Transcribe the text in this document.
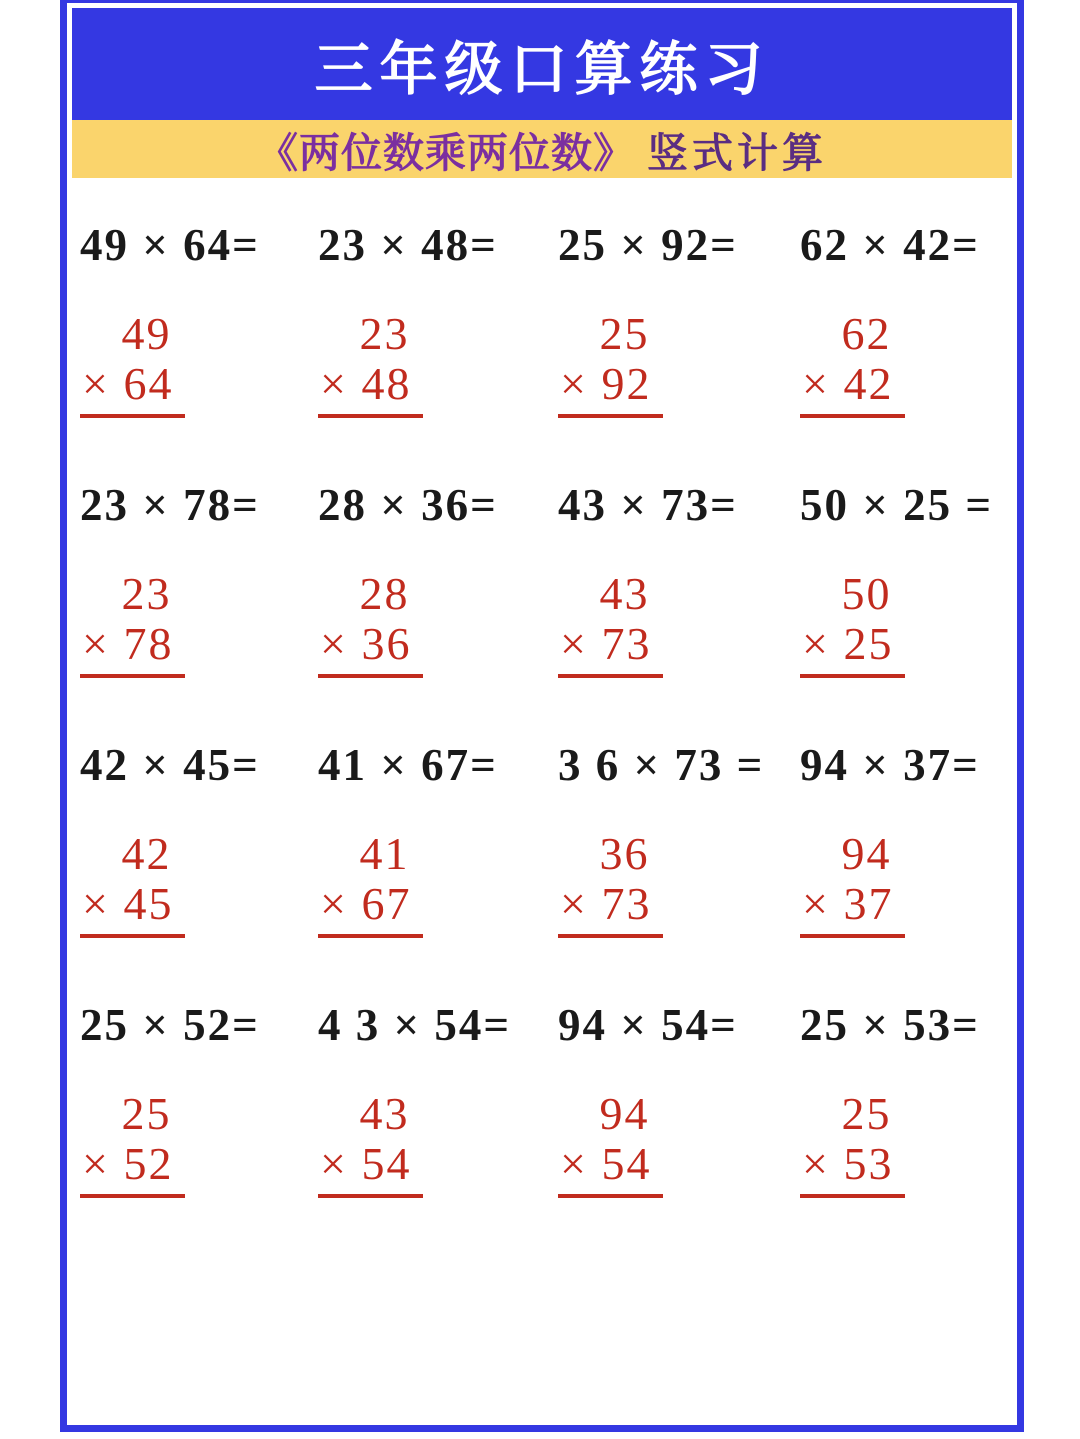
三年级口算练习
《两位数乘两位数》 竖式计算
49 × 64=
49
× 64
23 × 48=
23
× 48
25 × 92=
25
× 92
62 × 42=
62
× 42
23 × 78=
23
× 78
28 × 36=
28
× 36
43 × 73=
43
× 73
50 × 25 =
50
× 25
42 × 45=
42
× 45
41 × 67=
41
× 67
3 6 × 73 =
36
× 73
94 × 37=
94
× 37
25 × 52=
25
× 52
4 3 × 54=
43
× 54
94 × 54=
94
× 54
25 × 53=
25
× 53
